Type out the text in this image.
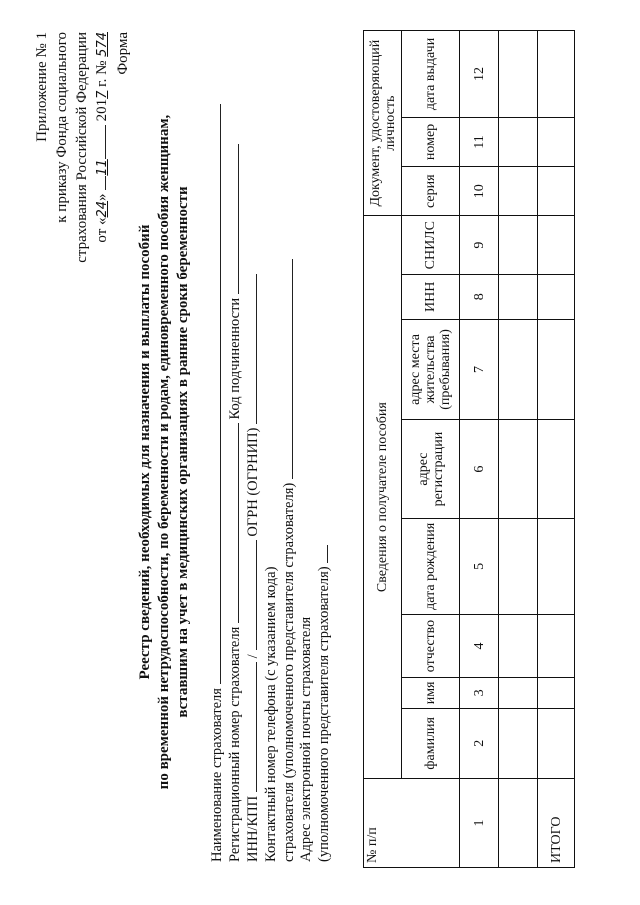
Приложение № 1 к приказу Фонда социального страхования Российской Федерации от «24» 11 2017 г. № 574 Форма
Реестр сведений, необходимых для назначения и выплаты пособий по временной нетрудоспособности, по беременности и родам, единовременного пособия женщинам, вставшим на учет в медицинских организациях в ранние сроки беременности
Наименование страхователя Регистрационный номер страхователя  Код подчиненности
ИНН/КПП / ОГРН (ОГРНИП)
Контактный номер телефона (с указанием кода) страхователя (уполномоченного представителя страхователя) Адрес электронной почты страхователя (уполномоченного представителя страхователя) № п/п	Сведения о получателе пособия								Документ, удостоверяющий личность		
	фамилия	имя	отчество	дата рождения	адрес регистрации	адрес места жительства (пребывания)	ИНН	СНИЛС	серия	номер	дата выдачи
1	2	3	4	5	6	7	8	9	10	11	12

ИТОГО											
